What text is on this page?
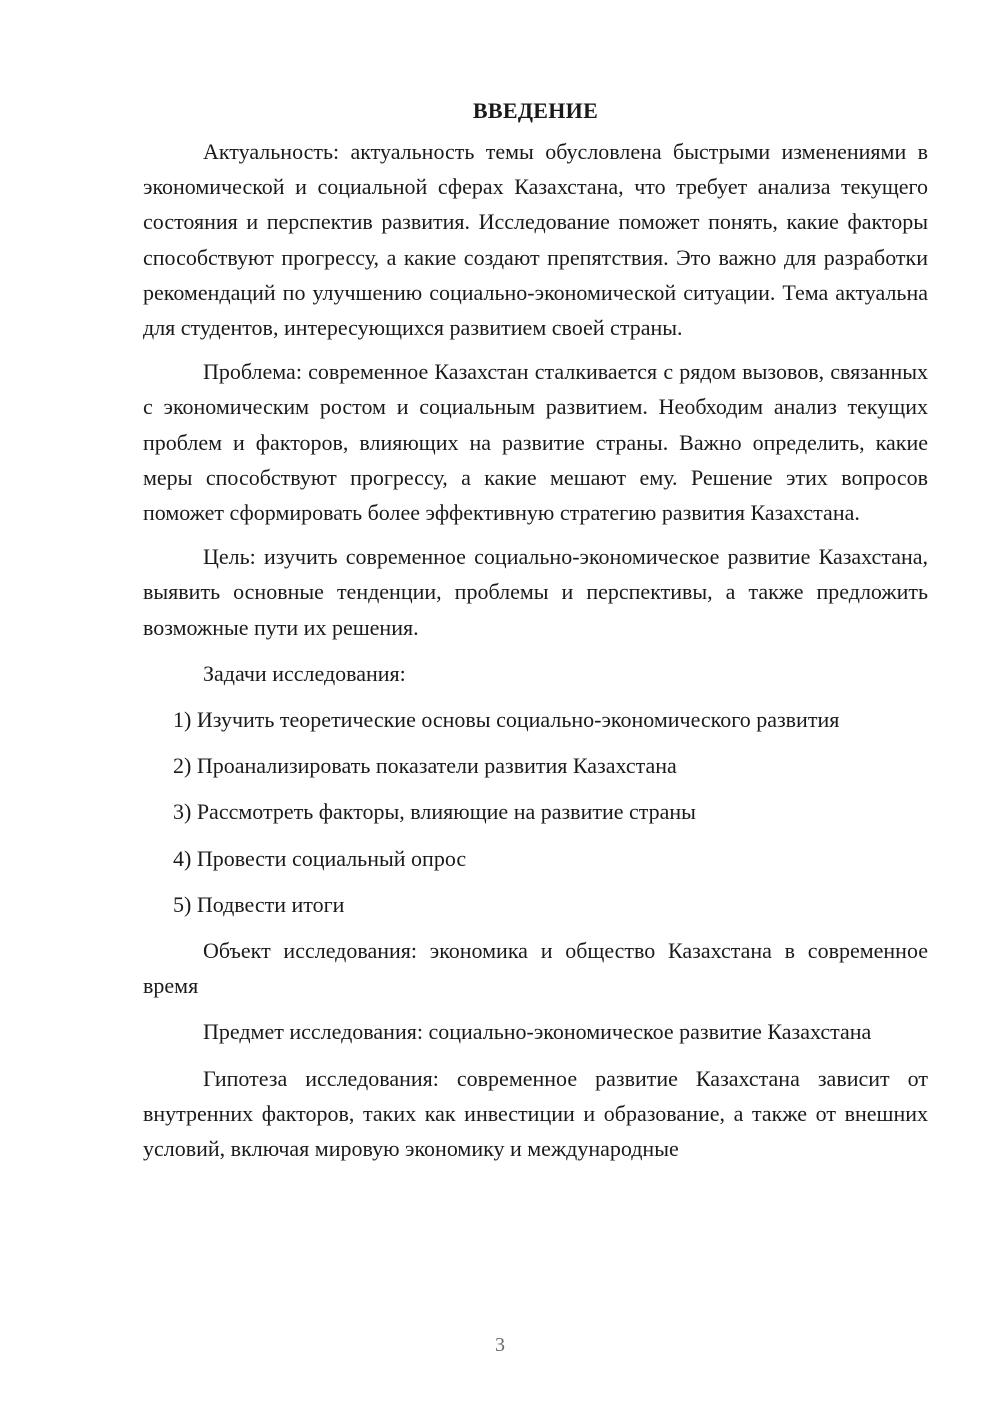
ВВЕДЕНИЕ

Актуальность: актуальность темы обусловлена быстрыми изменениями в экономической и социальной сферах Казахстана, что требует анализа текущего состояния и перспектив развития. Исследование поможет понять, какие факторы способствуют прогрессу, а какие создают препятствия. Это важно для разработки рекомендаций по улучшению социально-экономической ситуации. Тема актуальна для студентов, интересующихся развитием своей страны.

Проблема: современное Казахстан сталкивается с рядом вызовов, связанных с экономическим ростом и социальным развитием. Необходим анализ текущих проблем и факторов, влияющих на развитие страны. Важно определить, какие меры способствуют прогрессу, а какие мешают ему. Решение этих вопросов поможет сформировать более эффективную стратегию развития Казахстана.

Цель: изучить современное социально-экономическое развитие Казахстана, выявить основные тенденции, проблемы и перспективы, а также предложить возможные пути их решения.

Задачи исследования:

1) Изучить теоретические основы социально-экономического развития

2) Проанализировать показатели развития Казахстана

3) Рассмотреть факторы, влияющие на развитие страны

4) Провести социальный опрос

5) Подвести итоги

Объект исследования: экономика и общество Казахстана в современное время

Предмет исследования: социально-экономическое развитие Казахстана

Гипотеза исследования: современное развитие Казахстана зависит от внутренних факторов, таких как инвестиции и образование, а также от внешних условий, включая мировую экономику и международные

3
